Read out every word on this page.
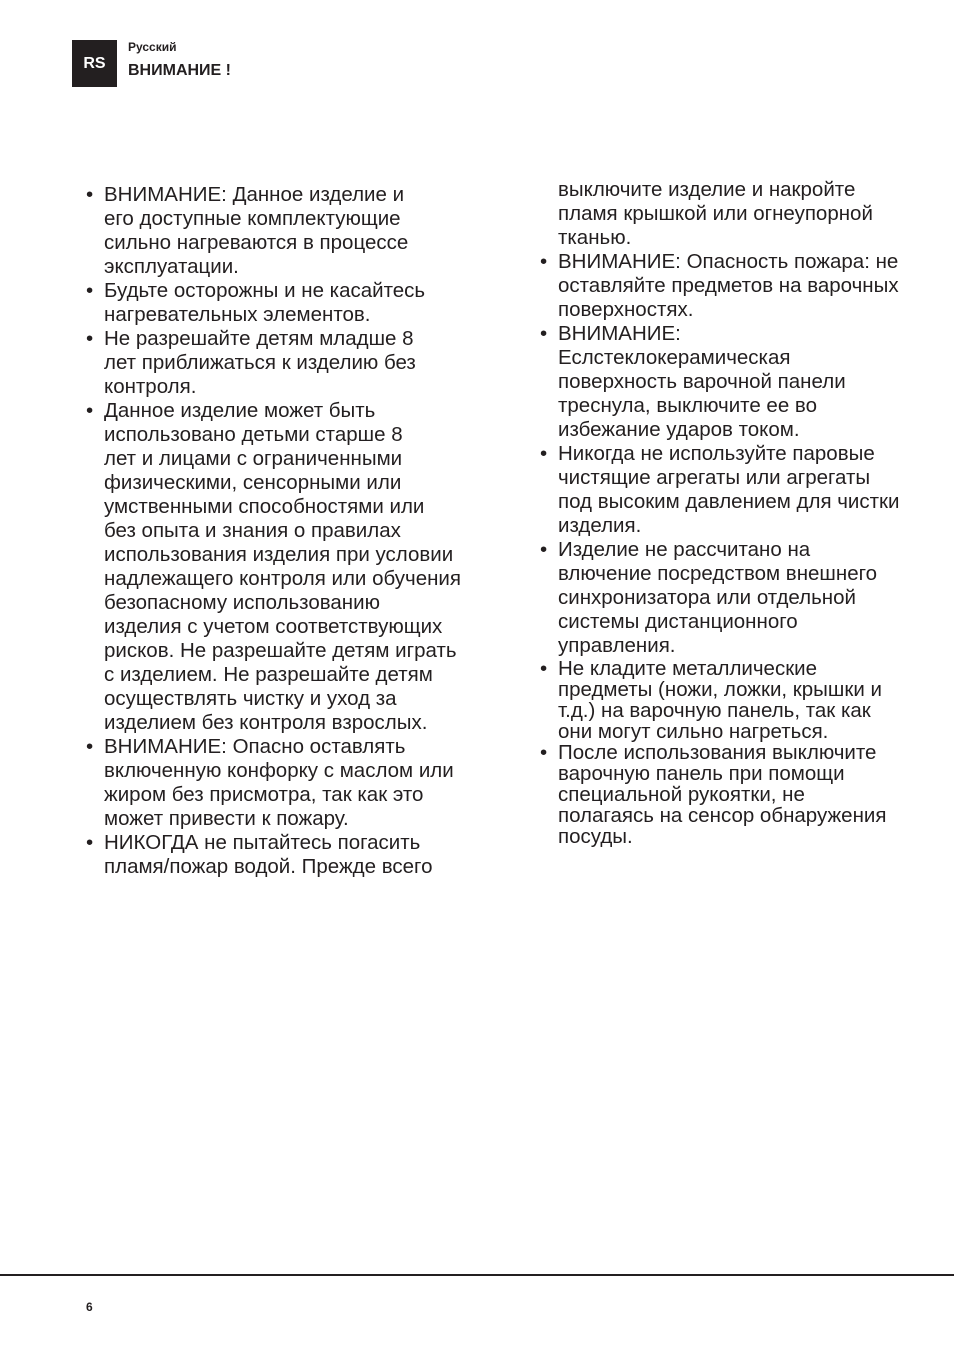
RS
Русский
ВНИМАНИЕ !
• ВНИМАНИЕ: Данное изделие и
его доступные комплектующие
сильно нагреваются в процессе
эксплуатации.
• Будьте осторожны и не касайтесь
нагревательных элементов.
• Не разрешайте детям младше 8
лет приближаться к изделию без
контроля.
• Данное изделие может быть
использовано детьми старше 8
лет и лицами с ограниченными
физическими, сенсорными или
умственными способностями или
без опыта и знания о правилах
использования изделия при условии
надлежащего контроля или обучения
безопасному использованию
изделия с учетом соответствующих
рисков. Не разрешайте детям играть
с изделием. Не разрешайте детям
осуществлять чистку и уход за
изделием без контроля взрослых.
• ВНИМАНИЕ: Опасно оставлять
включенную конфорку с маслом или
жиром без присмотра, так как это
может привести к пожару.
• НИКОГДА не пытайтесь погасить
пламя/пожар водой. Прежде всего
выключите изделие и накройте
пламя крышкой или огнеупорной
тканью.
• ВНИМАНИЕ: Опасность пожара: не
оставляйте предметов на варочных
поверхностях.
• ВНИМАНИЕ:
Еслстеклокерамическая
поверхность варочной панели
треснула, выключите ее во
избежание ударов током.
• Никогда не используйте паровые
чистящие агрегаты или агрегаты
под высоким давлением для чистки
изделия.
• Изделие не рассчитано на
влючение посредством внешнего
синхронизатора или отдельной
системы дистанционного
управления.
• Не кладите металлические
предметы (ножи, ложки, крышки и
т.д.) на варочную панель, так как
они могут сильно нагреться.
• После использования выключите
варочную панель при помощи
специальной рукоятки, не
полагаясь на сенсор обнаружения
посуды.
6
